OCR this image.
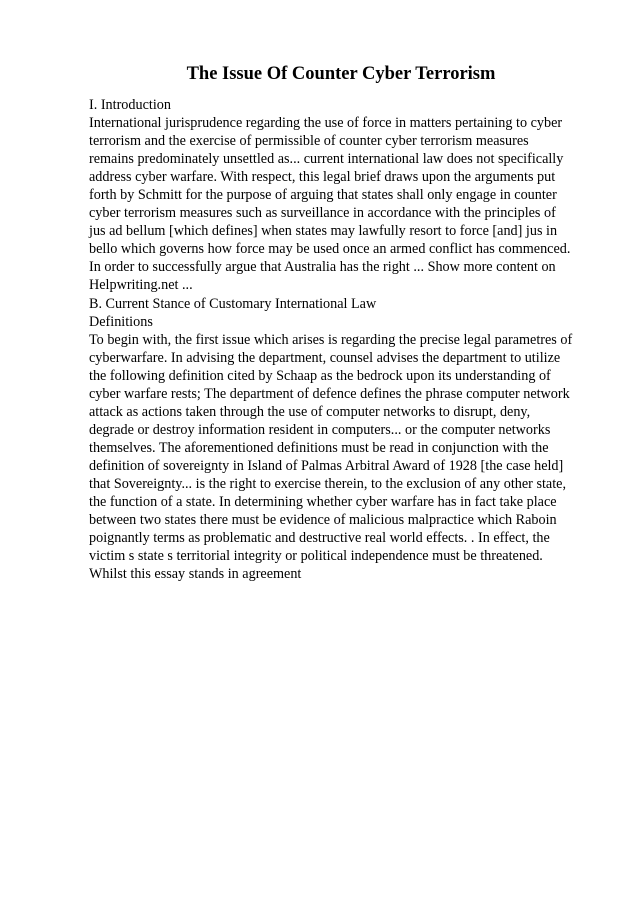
The Issue Of Counter Cyber Terrorism
I. Introduction
International jurisprudence regarding the use of force in matters pertaining to cyber
terrorism and the exercise of permissible of counter cyber terrorism measures
remains predominately unsettled as... current international law does not specifically
address cyber warfare. With respect, this legal brief draws upon the arguments put
forth by Schmitt for the purpose of arguing that states shall only engage in counter
cyber terrorism measures such as surveillance in accordance with the principles of
jus ad bellum [which defines] when states may lawfully resort to force [and] jus in
bello which governs how force may be used once an armed conflict has commenced.
In order to successfully argue that Australia has the right ... Show more content on
Helpwriting.net ...
B. Current Stance of Customary International Law
Definitions
To begin with, the first issue which arises is regarding the precise legal parametres of
cyberwarfare. In advising the department, counsel advises the department to utilize
the following definition cited by Schaap as the bedrock upon its understanding of
cyber warfare rests; The department of defence defines the phrase computer network
attack as actions taken through the use of computer networks to disrupt, deny,
degrade or destroy information resident in computers... or the computer networks
themselves. The aforementioned definitions must be read in conjunction with the
definition of sovereignty in Island of Palmas Arbitral Award of 1928 [the case held]
that Sovereignty... is the right to exercise therein, to the exclusion of any other state,
the function of a state. In determining whether cyber warfare has in fact take place
between two states there must be evidence of malicious malpractice which Raboin
poignantly terms as problematic and destructive real world effects. . In effect, the
victim s state s territorial integrity or political independence must be threatened.
Whilst this essay stands in agreement
